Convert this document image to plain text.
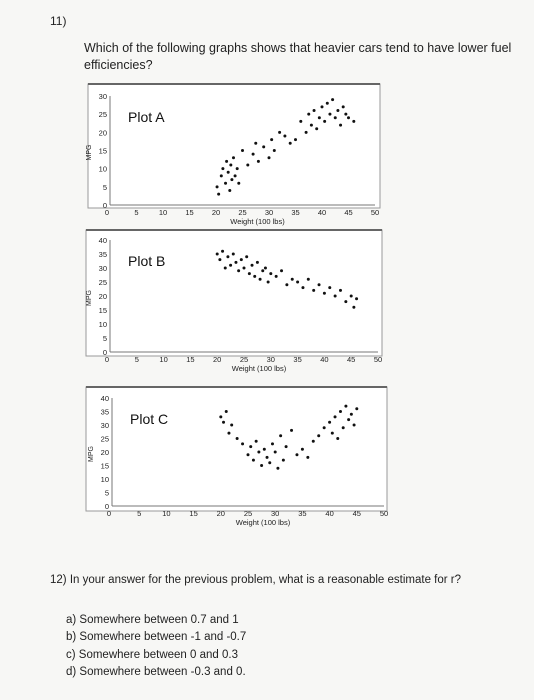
11)
Which of the following graphs shows that heavier cars tend to have lower fuel efficiencies?
0	5	10 15 20 25 30 35 40 45 50
0
5
10
15
20
25
30
Weight (100 lbs)
MPG
Plot A
0	5	10 15 20 25 30 35 40 45 50
0
5
10
15
20
25
30
35
40
Weight (100 lbs)
MPG
Plot B
0	5	10	15	20	25	30	35	40	45	50
0
5
10
15
20
25
30
35
40
Weight (100 lbs)
MPG
Plot C
12) In your answer for the previous problem, what is a reasonable estimate for r?
a) Somewhere between 0.7 and 1
b) Somewhere between -1 and -0.7
c) Somewhere between 0 and 0.3
d) Somewhere between -0.3 and 0.
